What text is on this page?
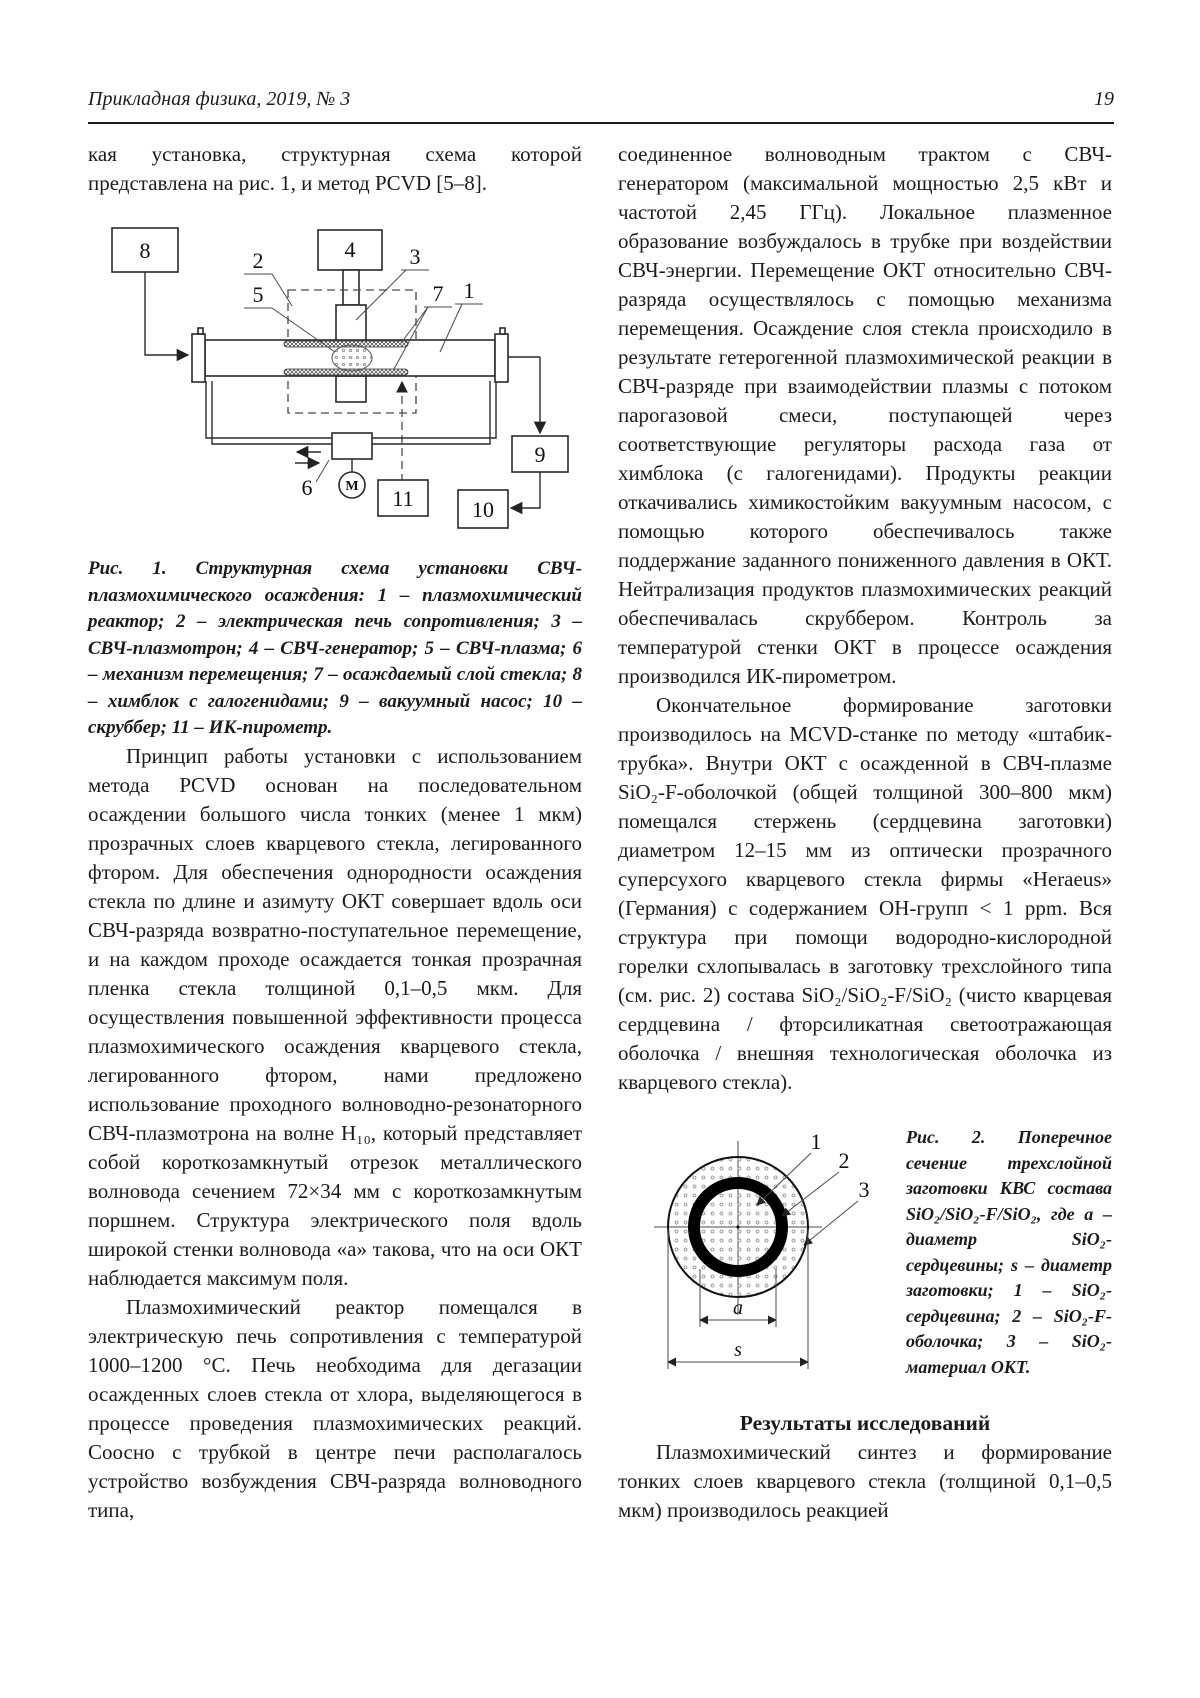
Прикладная физика, 2019, № 3	19

кая установка, структурная схема которой представлена на рис. 1, и метод PCVD [5–8].

8	4
2
5
3
7 1
M
6	11
9
10

Рис. 1. Структурная схема установки СВЧ-плазмохимического осаждения: 1 – плазмохимический реактор; 2 – электрическая печь сопротивления; 3 – СВЧ-плазмотрон; 4 – СВЧ-генератор; 5 – СВЧ-плазма; 6 – механизм перемещения; 7 – осаждаемый слой стекла; 8 – химблок с галогенидами; 9 – вакуумный насос; 10 – скруббер; 11 – ИК-пирометр.

Принцип работы установки с использованием метода PCVD основан на последовательном осаждении большого числа тонких (менее 1 мкм) прозрачных слоев кварцевого стекла, легированного фтором. Для обеспечения однородности осаждения стекла по длине и азимуту ОКТ совершает вдоль оси СВЧ-разряда возвратно-поступательное перемещение, и на каждом проходе осаждается тонкая прозрачная пленка стекла толщиной 0,1–0,5 мкм. Для осуществления повышенной эффективности процесса плазмохимического осаждения кварцевого стекла, легированного фтором, нами предложено использование проходного волноводно-резонаторного СВЧ-плазмотрона на волне H₁₀, который представляет собой короткозамкнутый отрезок металлического волновода сечением 72×34 мм с короткозамкнутым поршнем. Структура электрического поля вдоль широкой стенки волновода «а» такова, что на оси ОКТ наблюдается максимум поля.

Плазмохимический реактор помещался в электрическую печь сопротивления с температурой 1000–1200 °С. Печь необходима для дегазации осажденных слоев стекла от хлора, выделяющегося в процессе проведения плазмохимических реакций. Соосно с трубкой в центре печи располагалось устройство возбуждения СВЧ-разряда волноводного типа,

соединенное волноводным трактом с СВЧ-генератором (максимальной мощностью 2,5 кВт и частотой 2,45 ГГц). Локальное плазменное образование возбуждалось в трубке при воздействии СВЧ-энергии. Перемещение ОКТ относительно СВЧ-разряда осуществлялось с помощью механизма перемещения. Осаждение слоя стекла происходило в результате гетерогенной плазмохимической реакции в СВЧ-разряде при взаимодействии плазмы с потоком парогазовой смеси, поступающей через соответствующие регуляторы расхода газа от химблока (с галогенидами). Продукты реакции откачивались химикостойким вакуумным насосом, с помощью которого обеспечивалось также поддержание заданного пониженного давления в ОКТ. Нейтрализация продуктов плазмохимических реакций обеспечивалась скруббером. Контроль за температурой стенки ОКТ в процессе осаждения производился ИК-пирометром.

Окончательное формирование заготовки производилось на MCVD-станке по методу «штабик-трубка». Внутри ОКТ с осажденной в СВЧ-плазме SiO₂-F-оболочкой (общей толщиной 300–800 мкм) помещался стержень (сердцевина заготовки) диаметром 12–15 мм из оптически прозрачного суперсухого кварцевого стекла фирмы «Heraeus» (Германия) с содержанием ОН-групп < 1 ppm. Вся структура при помощи водородно-кислородной горелки схлопывалась в заготовку трехслойного типа (см. рис. 2) состава SiO₂/SiO₂-F/SiO₂ (чисто кварцевая сердцевина / фторсиликатная светоотражающая оболочка / внешняя технологическая оболочка из кварцевого стекла).

1
2
3
a
s

Рис. 2. Поперечное сечение трехслойной заготовки КВС состава SiO₂/SiO₂-F/SiO₂, где a – диаметр SiO₂-сердцевины; s – диаметр заготовки; 1 – SiO₂-сердцевина; 2 – SiO₂-F-оболочка; 3 – SiO₂-материал ОКТ.

Результаты исследований

Плазмохимический синтез и формирование тонких слоев кварцевого стекла (толщиной 0,1–0,5 мкм) производилось реакцией
